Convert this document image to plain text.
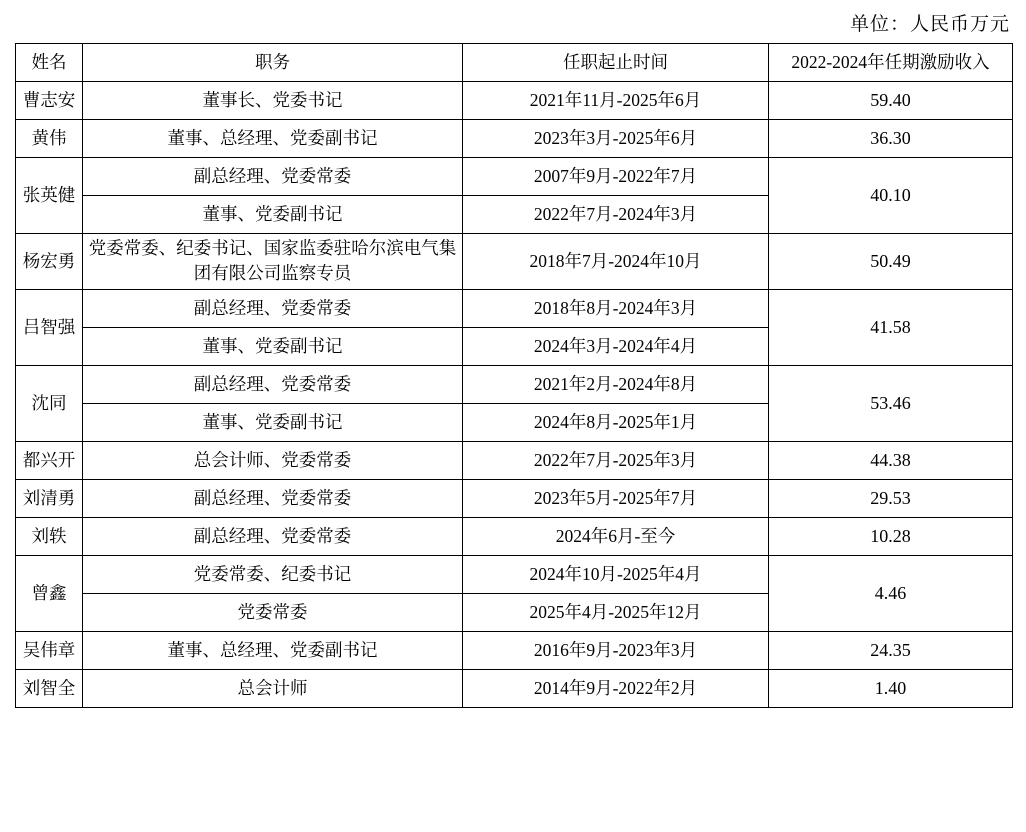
单位：人民币万元
姓名	职务	任职起止时间	2022-2024年任期激励收入
曹志安	董事长、党委书记	2021年11月-2025年6月	59.40
黄伟	董事、总经理、党委副书记	2023年3月-2025年6月	36.30
张英健	副总经理、党委常委	2007年9月-2022年7月	40.10
	董事、党委副书记	2022年7月-2024年3月	
杨宏勇	党委常委、纪委书记、国家监委驻哈尔滨电气集团有限公司监察专员	2018年7月-2024年10月	50.49
吕智强	副总经理、党委常委	2018年8月-2024年3月	41.58
	董事、党委副书记	2024年3月-2024年4月	
沈同	副总经理、党委常委	2021年2月-2024年8月	53.46
	董事、党委副书记	2024年8月-2025年1月	
都兴开	总会计师、党委常委	2022年7月-2025年3月	44.38
刘清勇	副总经理、党委常委	2023年5月-2025年7月	29.53
刘轶	副总经理、党委常委	2024年6月-至今	10.28
曾鑫	党委常委、纪委书记	2024年10月-2025年4月	4.46
	党委常委	2025年4月-2025年12月	
吴伟章	董事、总经理、党委副书记	2016年9月-2023年3月	24.35
刘智全	总会计师	2014年9月-2022年2月	1.40
